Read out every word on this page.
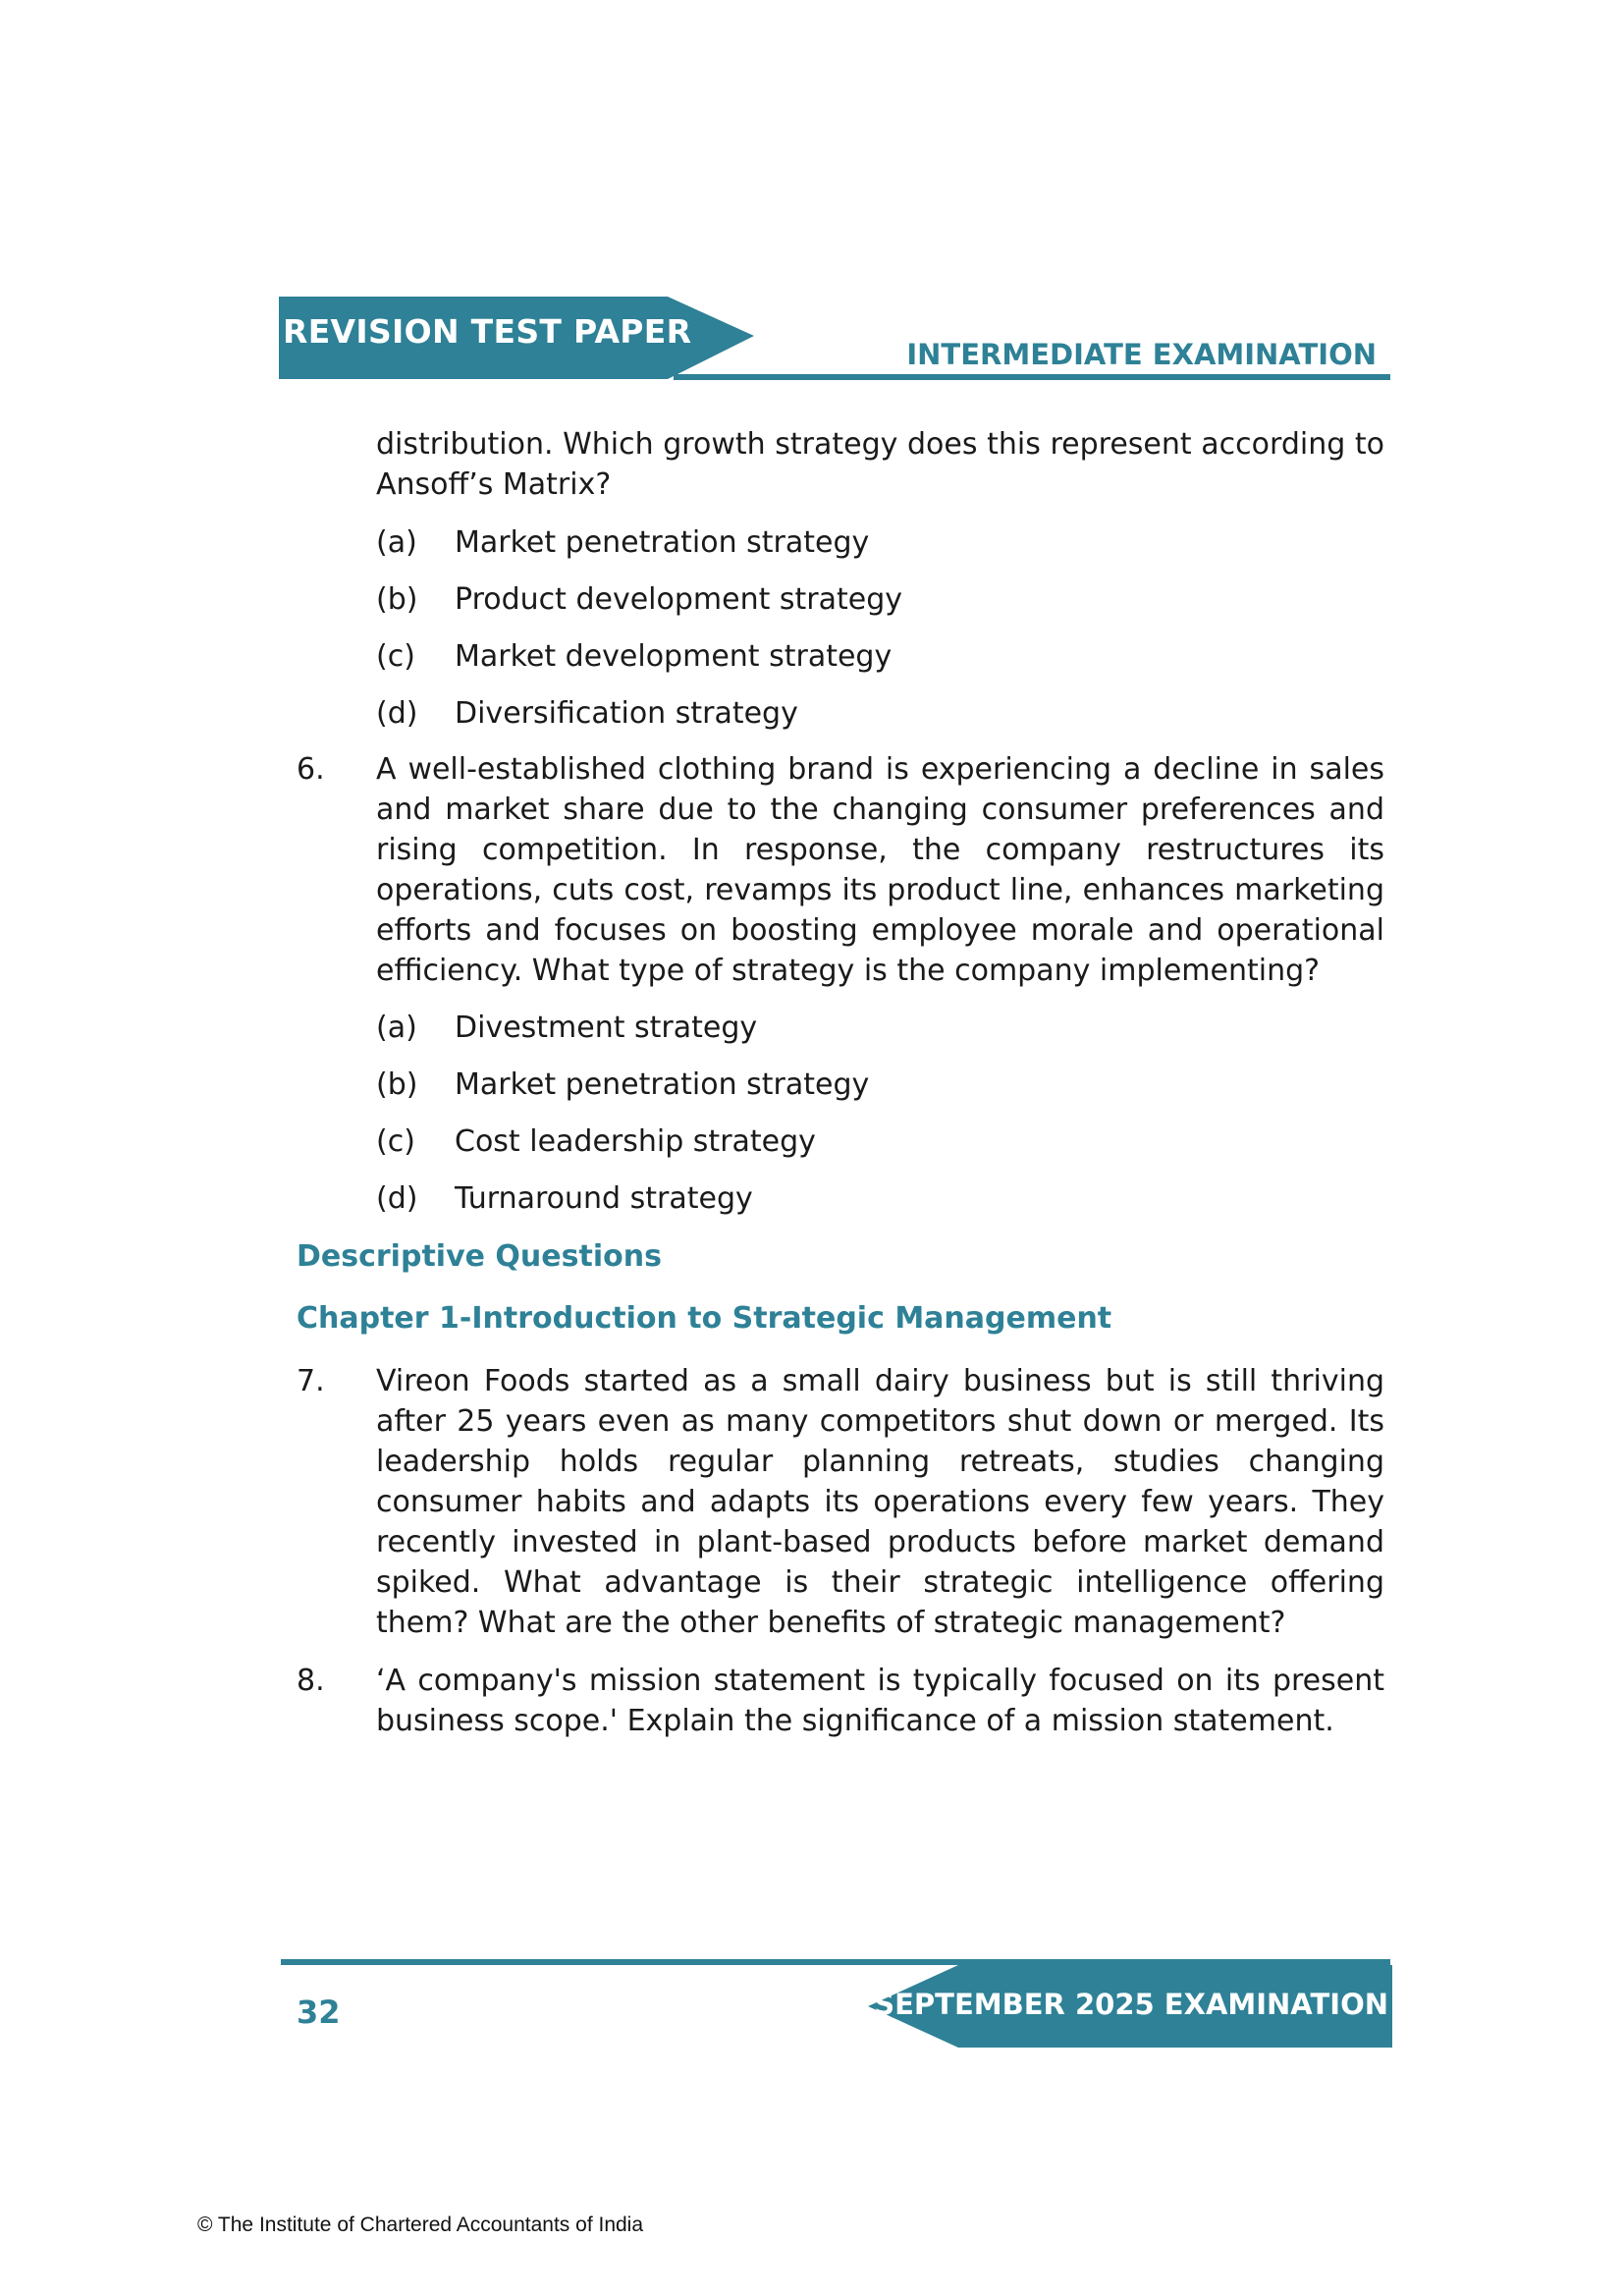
REVISION TEST PAPER
INTERMEDIATE EXAMINATION
distribution. Which growth strategy does this represent according to Ansoff’s Matrix?
(a) Market penetration strategy
(b) Product development strategy
(c) Market development strategy
(d) Diversification strategy
6. A well-established clothing brand is experiencing a decline in sales and market share due to the changing consumer preferences and rising competition. In response, the company restructures its operations, cuts cost, revamps its product line, enhances marketing efforts and focuses on boosting employee morale and operational efficiency. What type of strategy is the company implementing?
(a) Divestment strategy
(b) Market penetration strategy
(c) Cost leadership strategy
(d) Turnaround strategy
Descriptive Questions
Chapter 1-Introduction to Strategic Management
7. Vireon Foods started as a small dairy business but is still thriving after 25 years even as many competitors shut down or merged. Its leadership holds regular planning retreats, studies changing consumer habits and adapts its operations every few years. They recently invested in plant-based products before market demand spiked. What advantage is their strategic intelligence offering them? What are the other benefits of strategic management?
8. ‘A company's mission statement is typically focused on its present business scope.' Explain the significance of a mission statement.
SEPTEMBER 2025 EXAMINATION
32
© The Institute of Chartered Accountants of India
